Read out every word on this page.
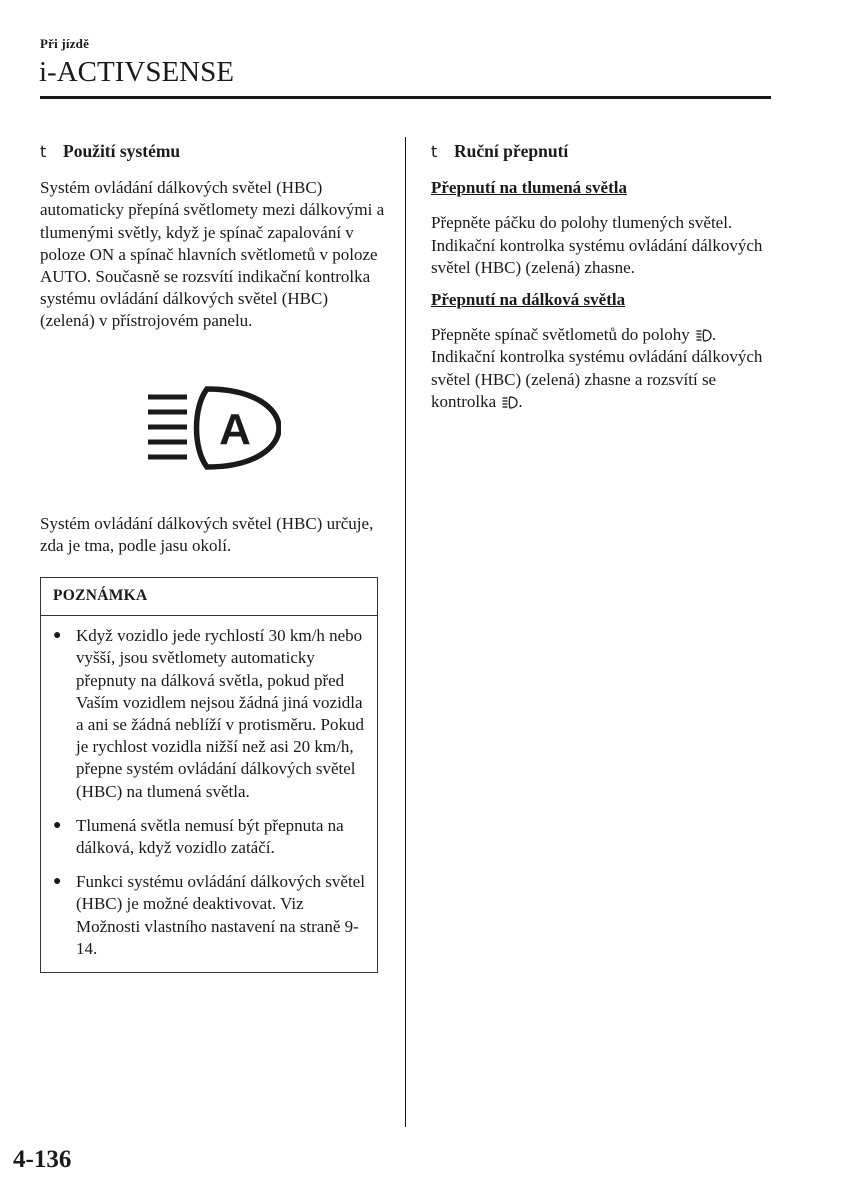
Při jízdě
i-ACTIVSENSE
t Použití systému

Systém ovládání dálkových světel (HBC) automaticky přepíná světlomety mezi dálkovými a tlumenými světly, když je spínač zapalování v poloze ON a spínač hlavních světlometů v poloze AUTO. Současně se rozsvítí indikační kontrolka systému ovládání dálkových světel (HBC) (zelená) v přístrojovém panelu.

A

Systém ovládání dálkových světel (HBC) určuje, zda je tma, podle jasu okolí.

POZNÁMKA
● Když vozidlo jede rychlostí 30 km/h nebo vyšší, jsou světlomety automaticky přepnuty na dálková světla, pokud před Vaším vozidlem nejsou žádná jiná vozidla a ani se žádná neblíží v protisměru. Pokud je rychlost vozidla nižší než asi 20 km/h, přepne systém ovládání dálkových světel (HBC) na tlumená světla.
● Tlumená světla nemusí být přepnuta na dálková, když vozidlo zatáčí.
● Funkci systému ovládání dálkových světel (HBC) je možné deaktivovat. Viz Možnosti vlastního nastavení na straně 9-14.
t Ruční přepnutí

Přepnutí na tlumená světla

Přepněte páčku do polohy tlumených světel.

Indikační kontrolka systému ovládání dálkových světel (HBC) (zelená) zhasne.

Přepnutí na dálková světla

Přepněte spínač světlometů do polohy .

Indikační kontrolka systému ovládání dálkových světel (HBC) (zelená) zhasne a rozsvítí se kontrolka .

4-136
